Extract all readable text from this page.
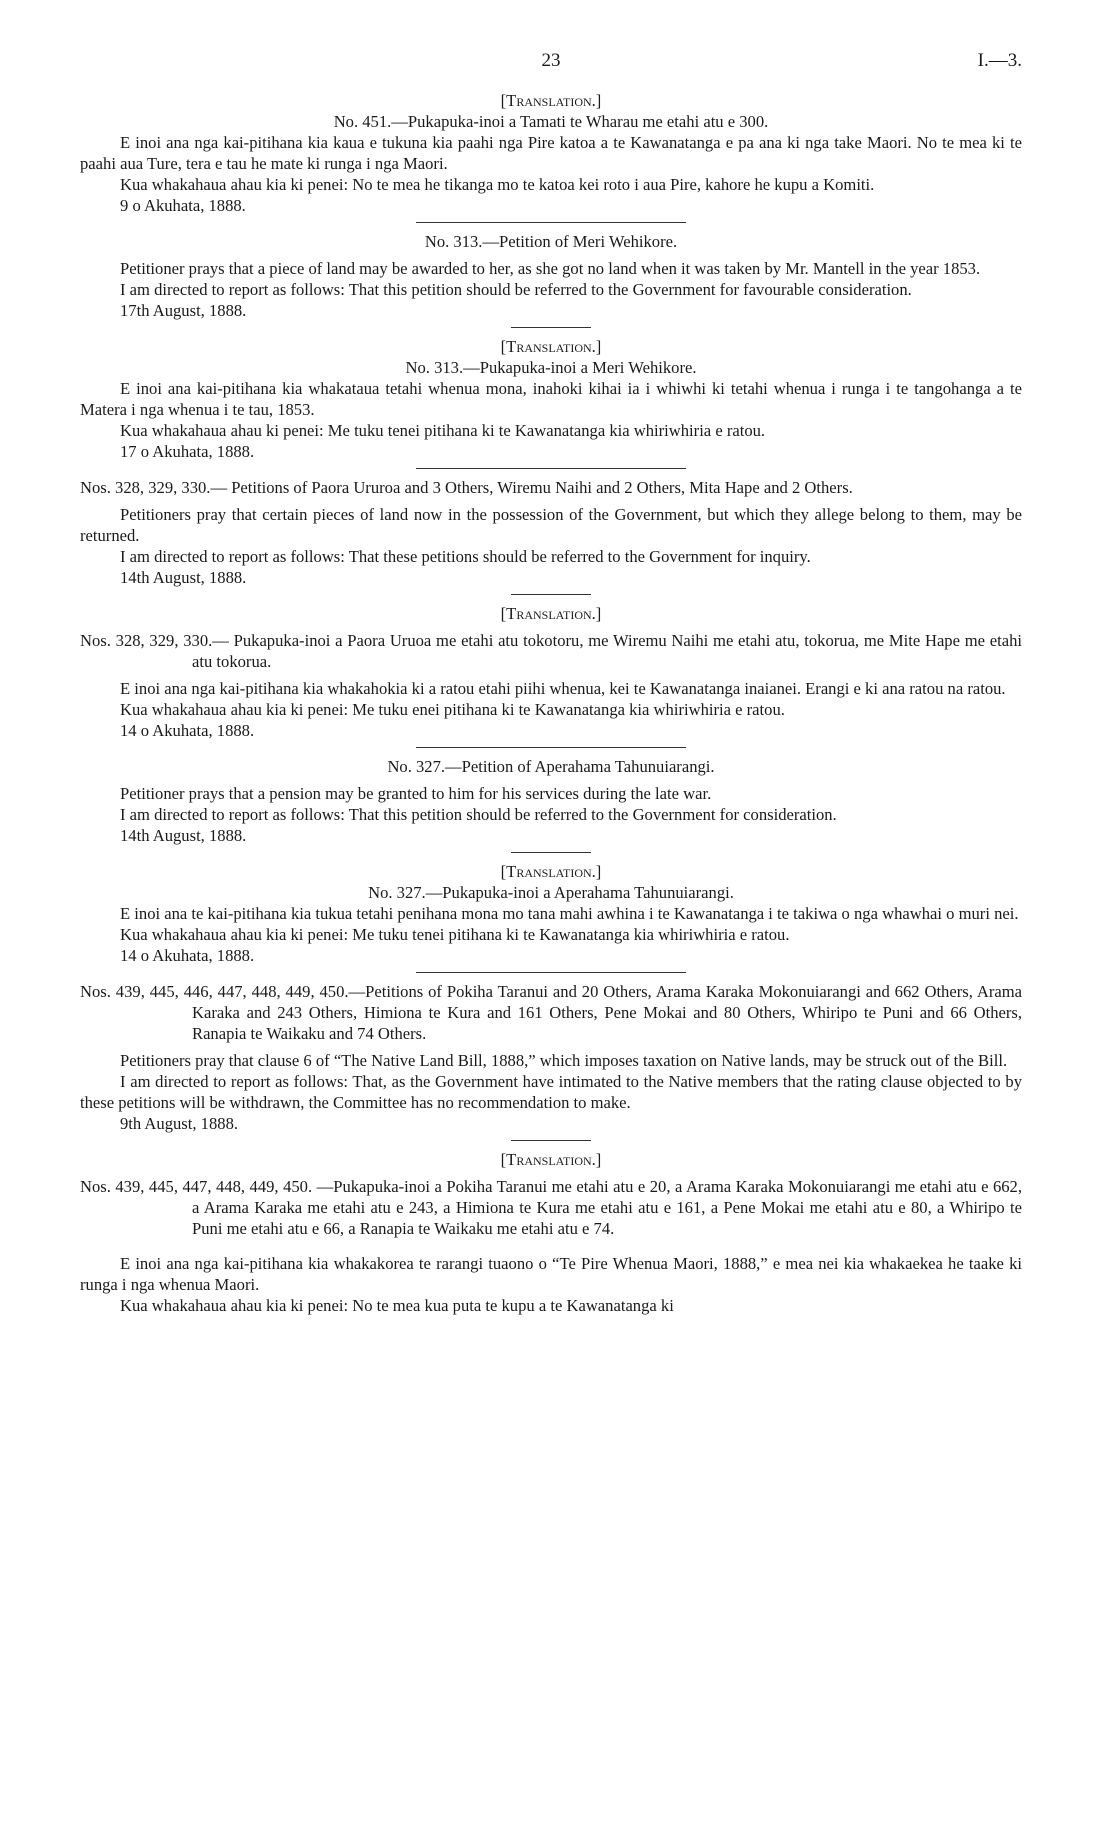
23	I.—3.

[Translation.]

No. 451.—Pukapuka-inoi a Tamati te Wharau me etahi atu e 300.

E inoi ana nga kai-pitihana kia kaua e tukuna kia paahi nga Pire katoa a te Kawanatanga e pa ana ki nga take Maori. No te mea ki te paahi aua Ture, tera e tau he mate ki runga i nga Maori.

Kua whakahaua ahau kia ki penei: No te mea he tikanga mo te katoa kei roto i aua Pire, kahore he kupu a Komiti.

9 o Akuhata, 1888.

No. 313.—Petition of Meri Wehikore.

Petitioner prays that a piece of land may be awarded to her, as she got no land when it was taken by Mr. Mantell in the year 1853.

I am directed to report as follows: That this petition should be referred to the Government for favourable consideration.

17th August, 1888.

[Translation.]

No. 313.—Pukapuka-inoi a Meri Wehikore.

E inoi ana kai-pitihana kia whakataua tetahi whenua mona, inahoki kihai ia i whiwhi ki tetahi whenua i runga i te tangohanga a te Matera i nga whenua i te tau, 1853.

Kua whakahaua ahau ki penei: Me tuku tenei pitihana ki te Kawanatanga kia whiriwhiria e ratou.

17 o Akuhata, 1888.

Nos. 328, 329, 330.— Petitions of Paora Ururoa and 3 Others, Wiremu Naihi and 2 Others, Mita Hape and 2 Others.

Petitioners pray that certain pieces of land now in the possession of the Government, but which they allege belong to them, may be returned.

I am directed to report as follows: That these petitions should be referred to the Government for inquiry.

14th August, 1888.

[Translation.]

Nos. 328, 329, 330.— Pukapuka-inoi a Paora Uruoa me etahi atu tokotoru, me Wiremu Naihi me etahi atu, tokorua, me Mite Hape me etahi atu tokorua.

E inoi ana nga kai-pitihana kia whakahokia ki a ratou etahi piihi whenua, kei te Kawanatanga inaianei. Erangi e ki ana ratou na ratou.

Kua whakahaua ahau kia ki penei: Me tuku enei pitihana ki te Kawanatanga kia whiriwhiria e ratou.

14 o Akuhata, 1888.

No. 327.—Petition of Aperahama Tahunuiarangi.

Petitioner prays that a pension may be granted to him for his services during the late war.

I am directed to report as follows: That this petition should be referred to the Government for consideration.

14th August, 1888.

[Translation.]

No. 327.—Pukapuka-inoi a Aperahama Tahunuiarangi.

E inoi ana te kai-pitihana kia tukua tetahi penihana mona mo tana mahi awhina i te Kawanatanga i te takiwa o nga whawhai o muri nei.

Kua whakahaua ahau kia ki penei: Me tuku tenei pitihana ki te Kawanatanga kia whiriwhiria e ratou.

14 o Akuhata, 1888.

Nos. 439, 445, 446, 447, 448, 449, 450.—Petitions of Pokiha Taranui and 20 Others, Arama Karaka Mokonuiarangi and 662 Others, Arama Karaka and 243 Others, Himiona te Kura and 161 Others, Pene Mokai and 80 Others, Whiripo te Puni and 66 Others, Ranapia te Waikaku and 74 Others.

Petitioners pray that clause 6 of “The Native Land Bill, 1888,” which imposes taxation on Native lands, may be struck out of the Bill.

I am directed to report as follows: That, as the Government have intimated to the Native members that the rating clause objected to by these petitions will be withdrawn, the Committee has no recommendation to make.

9th August, 1888.

[Translation.]

Nos. 439, 445, 447, 448, 449, 450. —Pukapuka-inoi a Pokiha Taranui me etahi atu e 20, a Arama Karaka Mokonuiarangi me etahi atu e 662, a Arama Karaka me etahi atu e 243, a Himiona te Kura me etahi atu e 161, a Pene Mokai me etahi atu e 80, a Whiripo te Puni me etahi atu e 66, a Ranapia te Waikaku me etahi atu e 74.

E inoi ana nga kai-pitihana kia whakakorea te rarangi tuaono o “Te Pire Whenua Maori, 1888,” e mea nei kia whakaekea he taake ki runga i nga whenua Maori.

Kua whakahaua ahau kia ki penei: No te mea kua puta te kupu a te Kawanatanga ki
